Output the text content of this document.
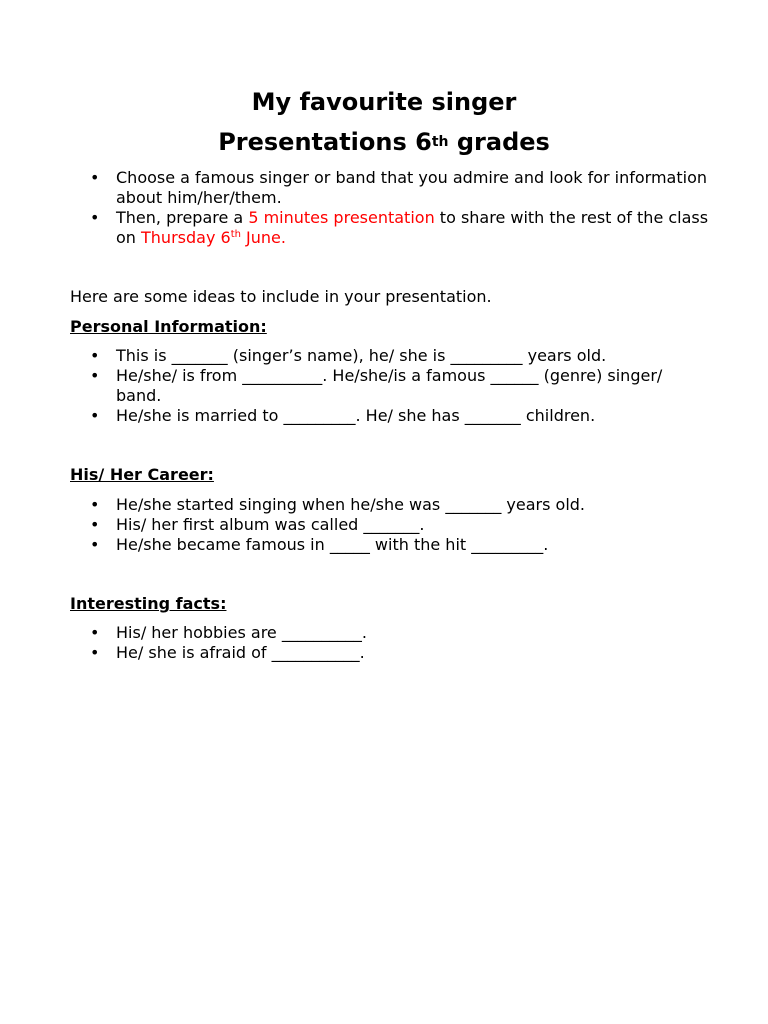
My favourite singer
Presentations 6th grades
• Choose a famous singer or band that you admire and look for information about him/her/them.
• Then, prepare a 5 minutes presentation to share with the rest of the class on Thursday 6th June.

Here are some ideas to include in your presentation.

Personal Information:

• This is _______ (singer’s name), he/ she is _________ years old.
• He/she/ is from __________. He/she/is a famous ______ (genre) singer/ band.
• He/she is married to _________. He/ she has _______ children.

His/ Her Career:

• He/she started singing when he/she was _______ years old.
• His/ her first album was called _______.
• He/she became famous in _____ with the hit _________.

Interesting facts:

• His/ her hobbies are __________.
• He/ she is afraid of ___________.
